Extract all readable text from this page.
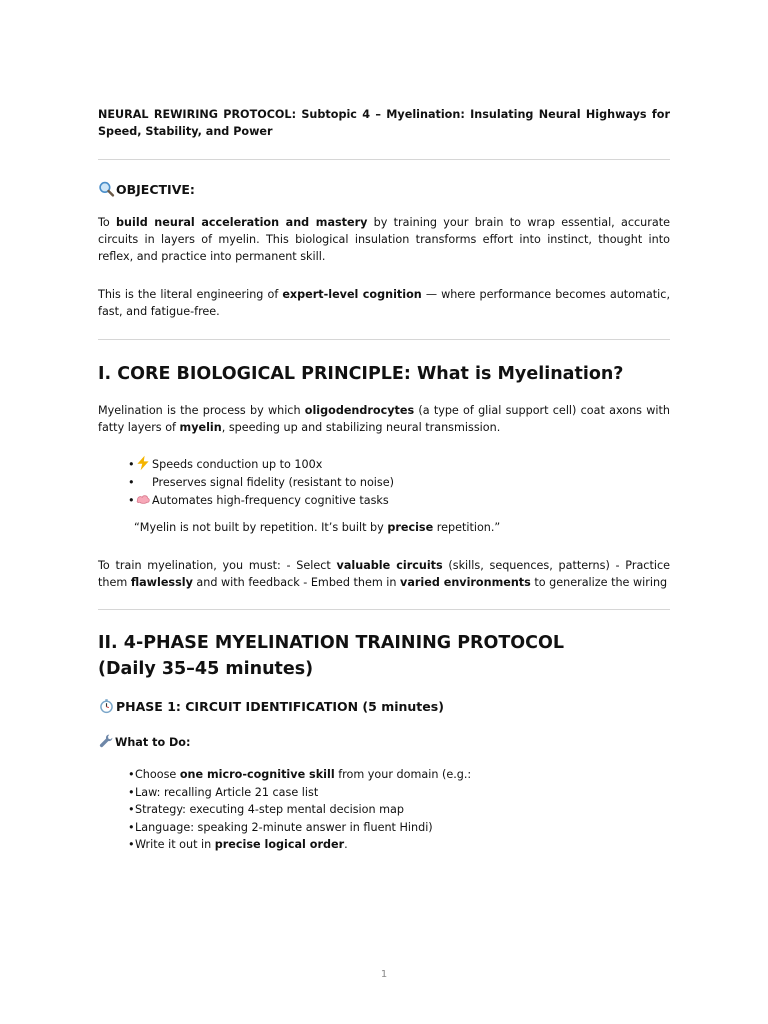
NEURAL REWIRING PROTOCOL: Subtopic 4 – Myelination: Insulating Neural Highways for Speed, Stability, and Power
OBJECTIVE:

To build neural acceleration and mastery by training your brain to wrap essential, accurate circuits in layers of myelin. This biological insulation transforms effort into instinct, thought into reflex, and practice into permanent skill.

This is the literal engineering of expert-level cognition — where performance becomes automatic, fast, and fatigue-free.

I. CORE BIOLOGICAL PRINCIPLE: What is Myelination?

Myelination is the process by which oligodendrocytes (a type of glial support cell) coat axons with fatty layers of myelin, speeding up and stabilizing neural transmission.

• Speeds conduction up to 100x
• Preserves signal fidelity (resistant to noise)
• Automates high-frequency cognitive tasks
“Myelin is not built by repetition. It’s built by precise repetition.”

To train myelination, you must: - Select valuable circuits (skills, sequences, patterns) - Practice them flawlessly and with feedback - Embed them in varied environments to generalize the wiring

II. 4-PHASE MYELINATION TRAINING PROTOCOL (Daily 35–45 minutes)
PHASE 1: CIRCUIT IDENTIFICATION (5 minutes)
What to Do:
•Choose one micro-cognitive skill from your domain (e.g.:
•Law: recalling Article 21 case list
•Strategy: executing 4-step mental decision map
•Language: speaking 2-minute answer in fluent Hindi)
•Write it out in precise logical order.
1
